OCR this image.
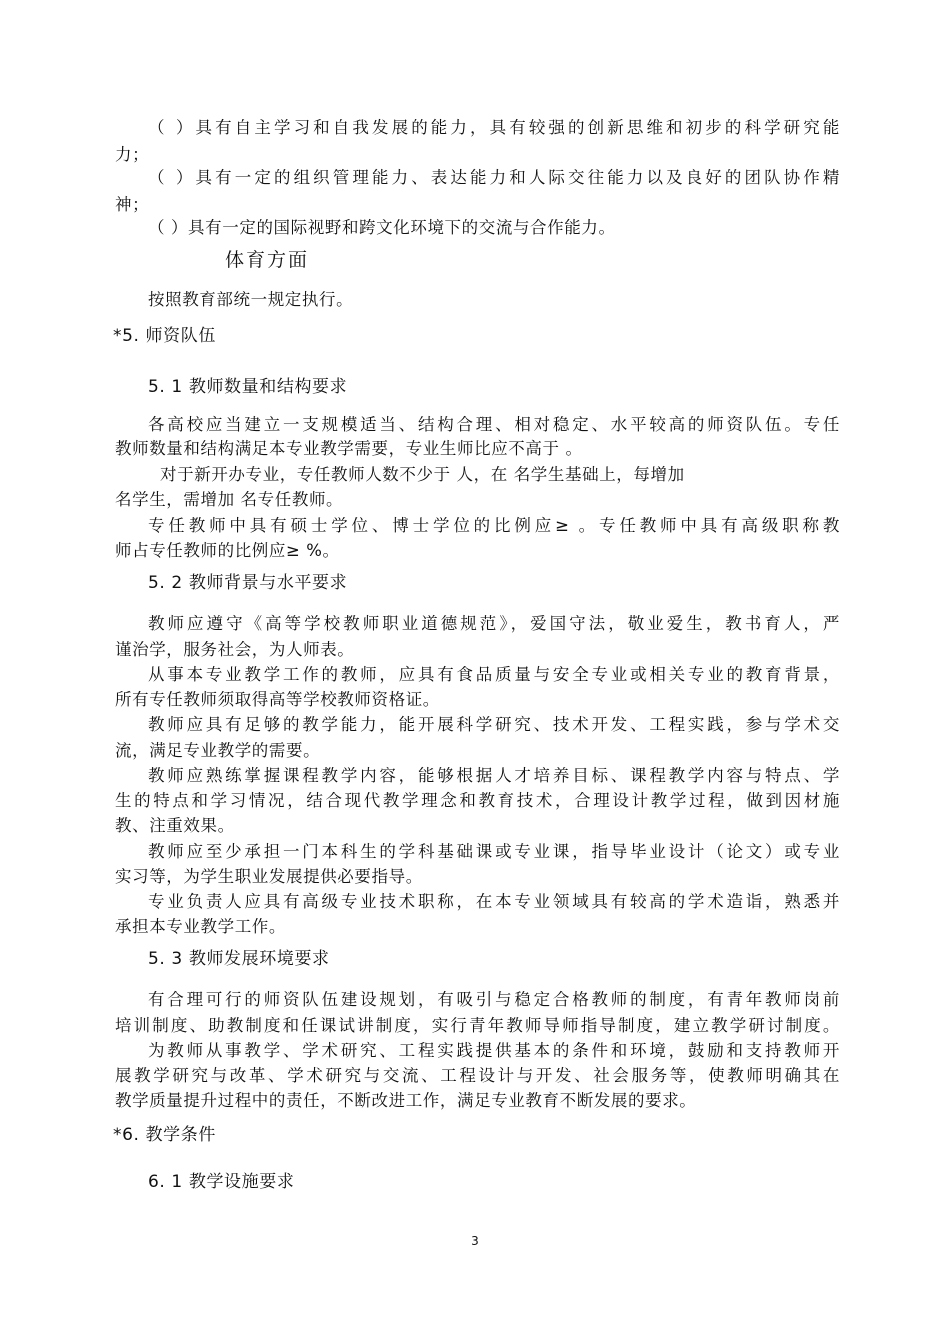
（ ）具有自主学习和自我发展的能力，具有较强的创新思维和初步的科学研究能
力；
（ ）具有一定的组织管理能力、表达能力和人际交往能力以及良好的团队协作精
神；
（ ）具有一定的国际视野和跨文化环境下的交流与合作能力。
体育方面
按照教育部统一规定执行。
*5. 师资队伍
5. 1 教师数量和结构要求
各高校应当建立一支规模适当、结构合理、相对稳定、水平较高的师资队伍。专任
教师数量和结构满足本专业教学需要，专业生师比应不高于 。
对于新开办专业，专任教师人数不少于 人，在 名学生基础上，每增加
名学生，需增加 名专任教师。
专任教师中具有硕士学位、博士学位的比例应≥ 。专任教师中具有高级职称教
师占专任教师的比例应≥ %。
5. 2 教师背景与水平要求
教师应遵守《高等学校教师职业道德规范》，爱国守法，敬业爱生，教书育人，严
谨治学，服务社会，为人师表。
从事本专业教学工作的教师，应具有食品质量与安全专业或相关专业的教育背景，
所有专任教师须取得高等学校教师资格证。
教师应具有足够的教学能力，能开展科学研究、技术开发、工程实践，参与学术交
流，满足专业教学的需要。
教师应熟练掌握课程教学内容，能够根据人才培养目标、课程教学内容与特点、学
生的特点和学习情况，结合现代教学理念和教育技术，合理设计教学过程，做到因材施
教、注重效果。
教师应至少承担一门本科生的学科基础课或专业课，指导毕业设计（论文）或专业
实习等，为学生职业发展提供必要指导。
专业负责人应具有高级专业技术职称，在本专业领域具有较高的学术造诣，熟悉并
承担本专业教学工作。
5. 3 教师发展环境要求
有合理可行的师资队伍建设规划，有吸引与稳定合格教师的制度，有青年教师岗前
培训制度、助教制度和任课试讲制度，实行青年教师导师指导制度，建立教学研讨制度。
为教师从事教学、学术研究、工程实践提供基本的条件和环境，鼓励和支持教师开
展教学研究与改革、学术研究与交流、工程设计与开发、社会服务等，使教师明确其在
教学质量提升过程中的责任，不断改进工作，满足专业教育不断发展的要求。
*6. 教学条件
6. 1 教学设施要求
3
